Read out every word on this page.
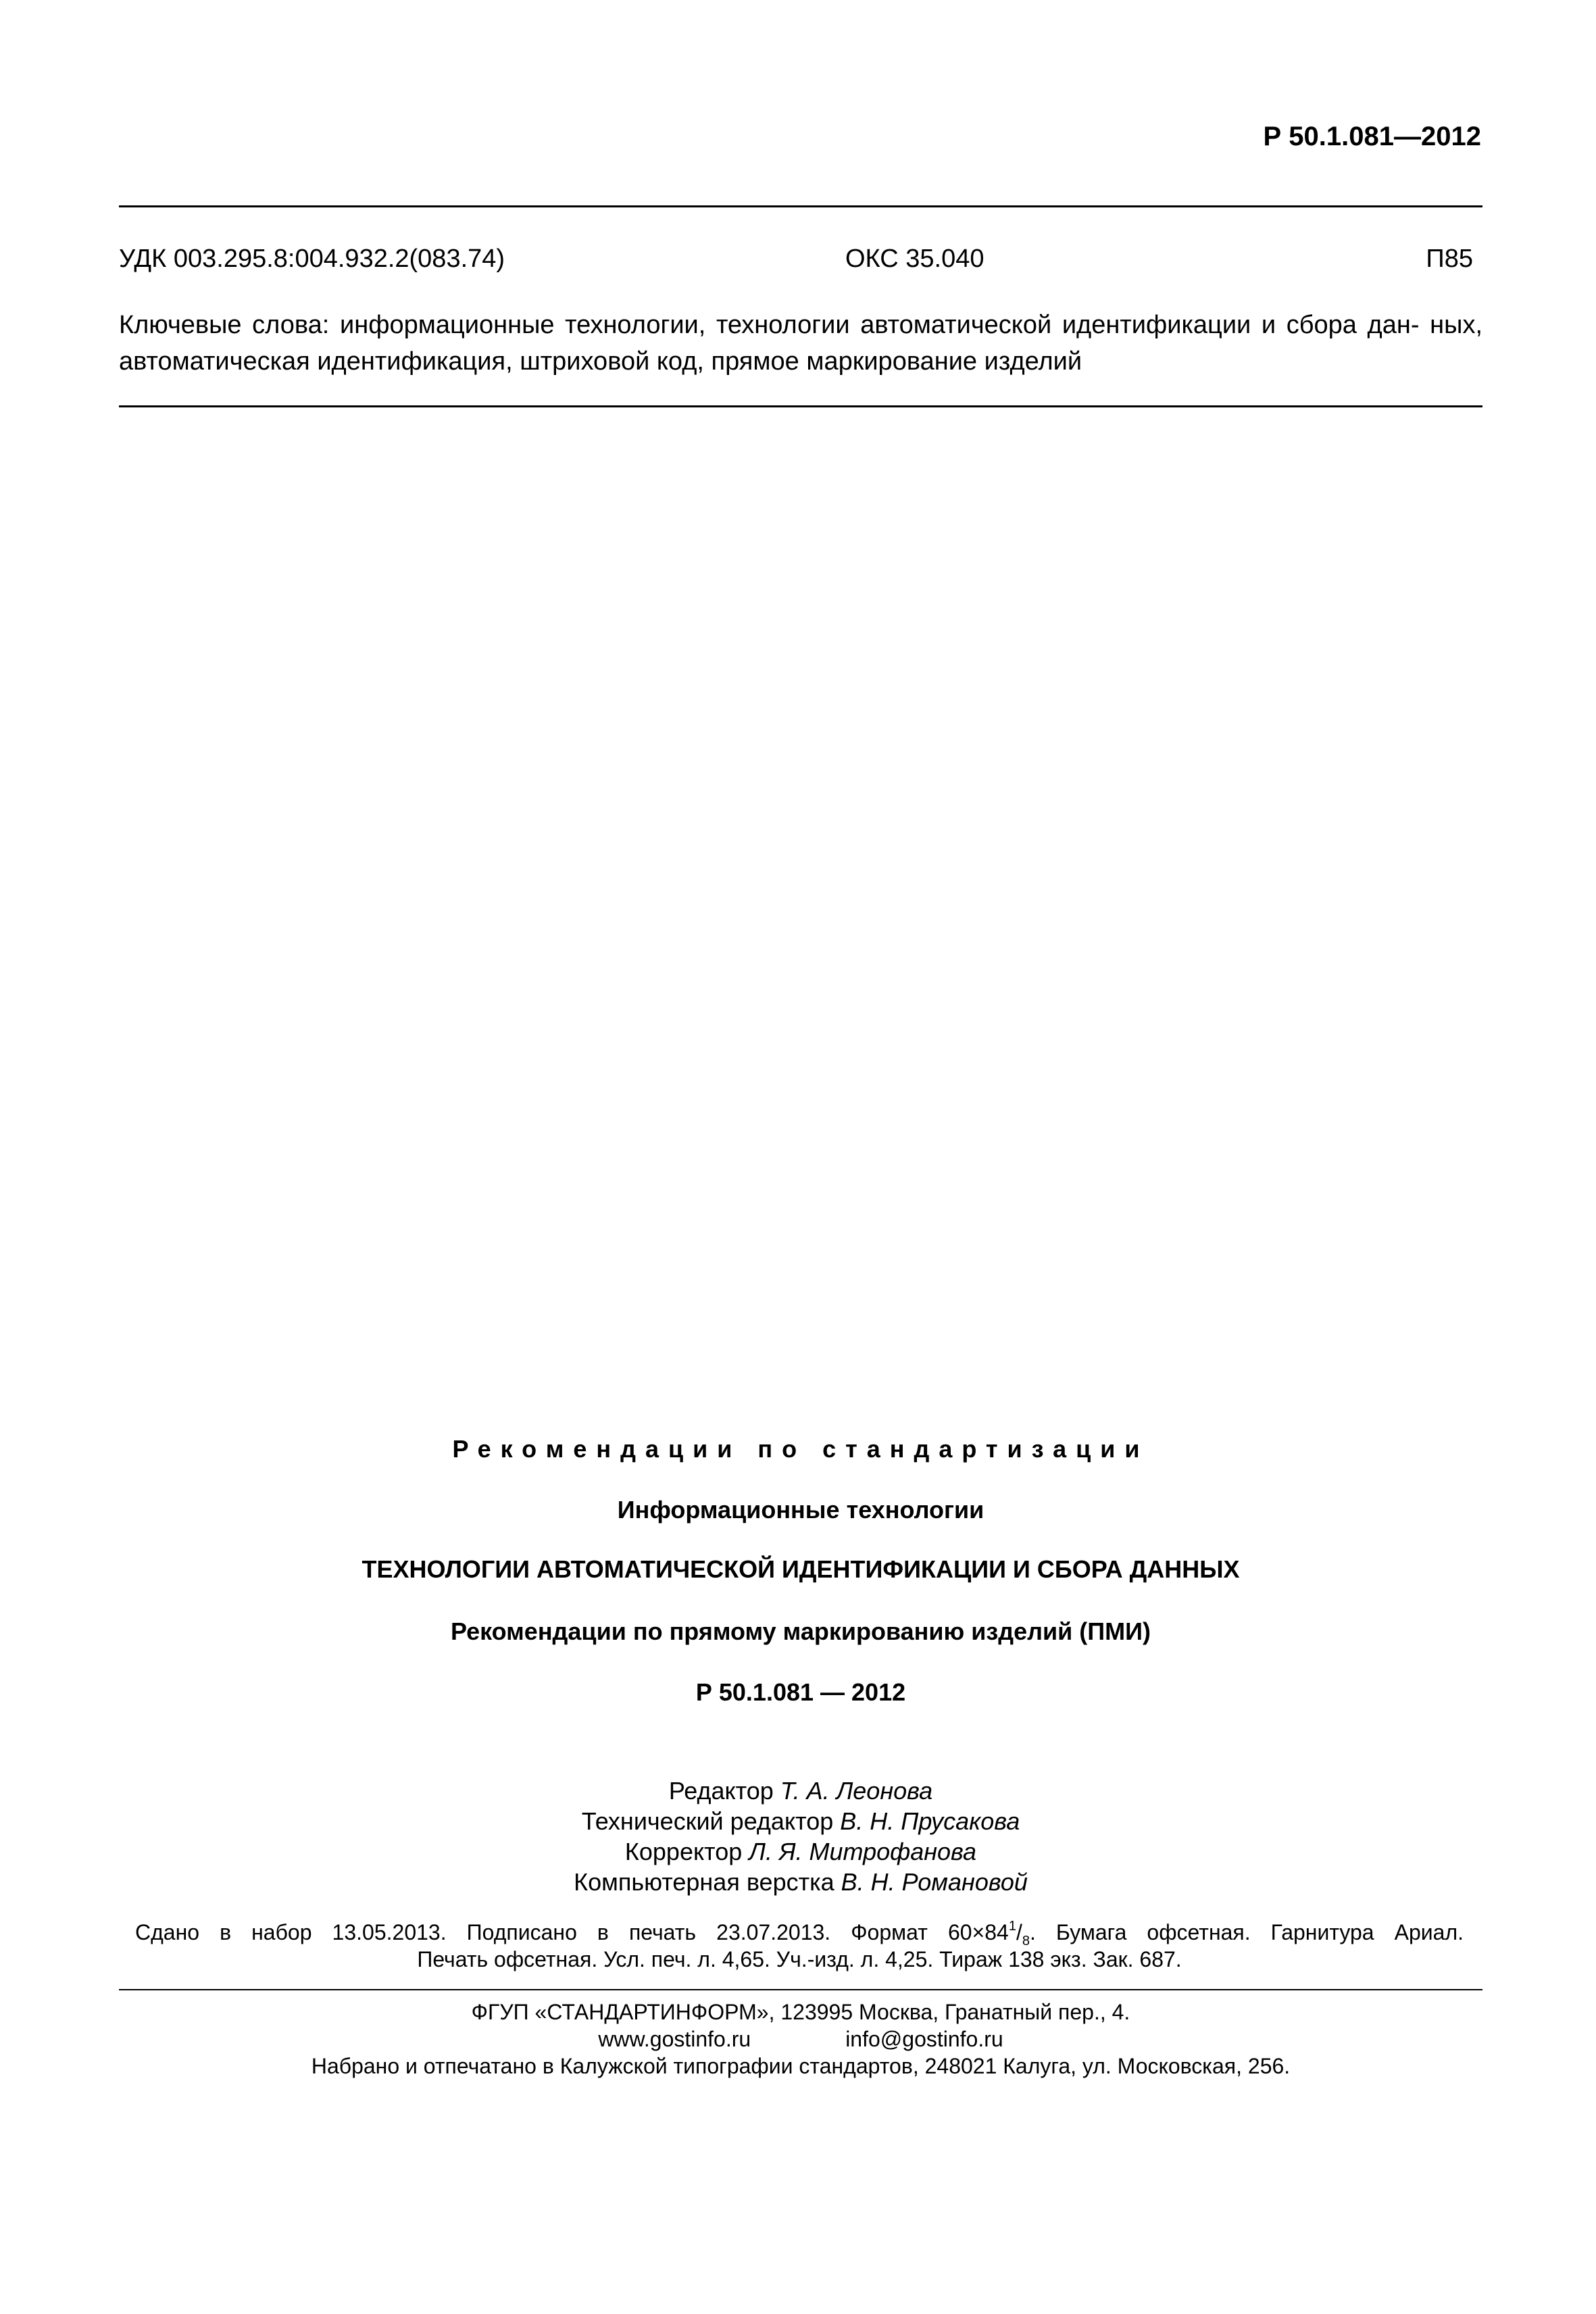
Р 50.1.081—2012
УДК 003.295.8:004.932.2(083.74)	ОКС 35.040	П85
Ключевые слова: информационные технологии, технологии автоматической идентификации и сбора дан- ных, автоматическая идентификация, штриховой код, прямое маркирование изделий
Рекомендации по стандартизации
Информационные технологии
ТЕХНОЛОГИИ АВТОМАТИЧЕСКОЙ ИДЕНТИФИКАЦИИ И СБОРА ДАННЫХ
Рекомендации по прямому маркированию изделий (ПМИ)
Р 50.1.081 — 2012
Редактор Т. А. Леонова
Технический редактор В. Н. Прусакова
Корректор Л. Я. Митрофанова
Компьютерная верстка В. Н. Романовой
Сдано в набор 13.05.2013. Подписано в печать 23.07.2013. Формат $60\times 84^1/_8$. Бумага офсетная. Гарнитура Ариал.
Печать офсетная. Усл. печ. л. 4,65. Уч.-изд. л. 4,25. Тираж 138 экз. Зак. 687.
ФГУП «СТАНДАРТИНФОРМ», 123995 Москва, Гранатный пер., 4.
www.gostinfo.ru	info@gostinfo.ru
Набрано и отпечатано в Калужской типографии стандартов, 248021 Калуга, ул. Московская, 256.
